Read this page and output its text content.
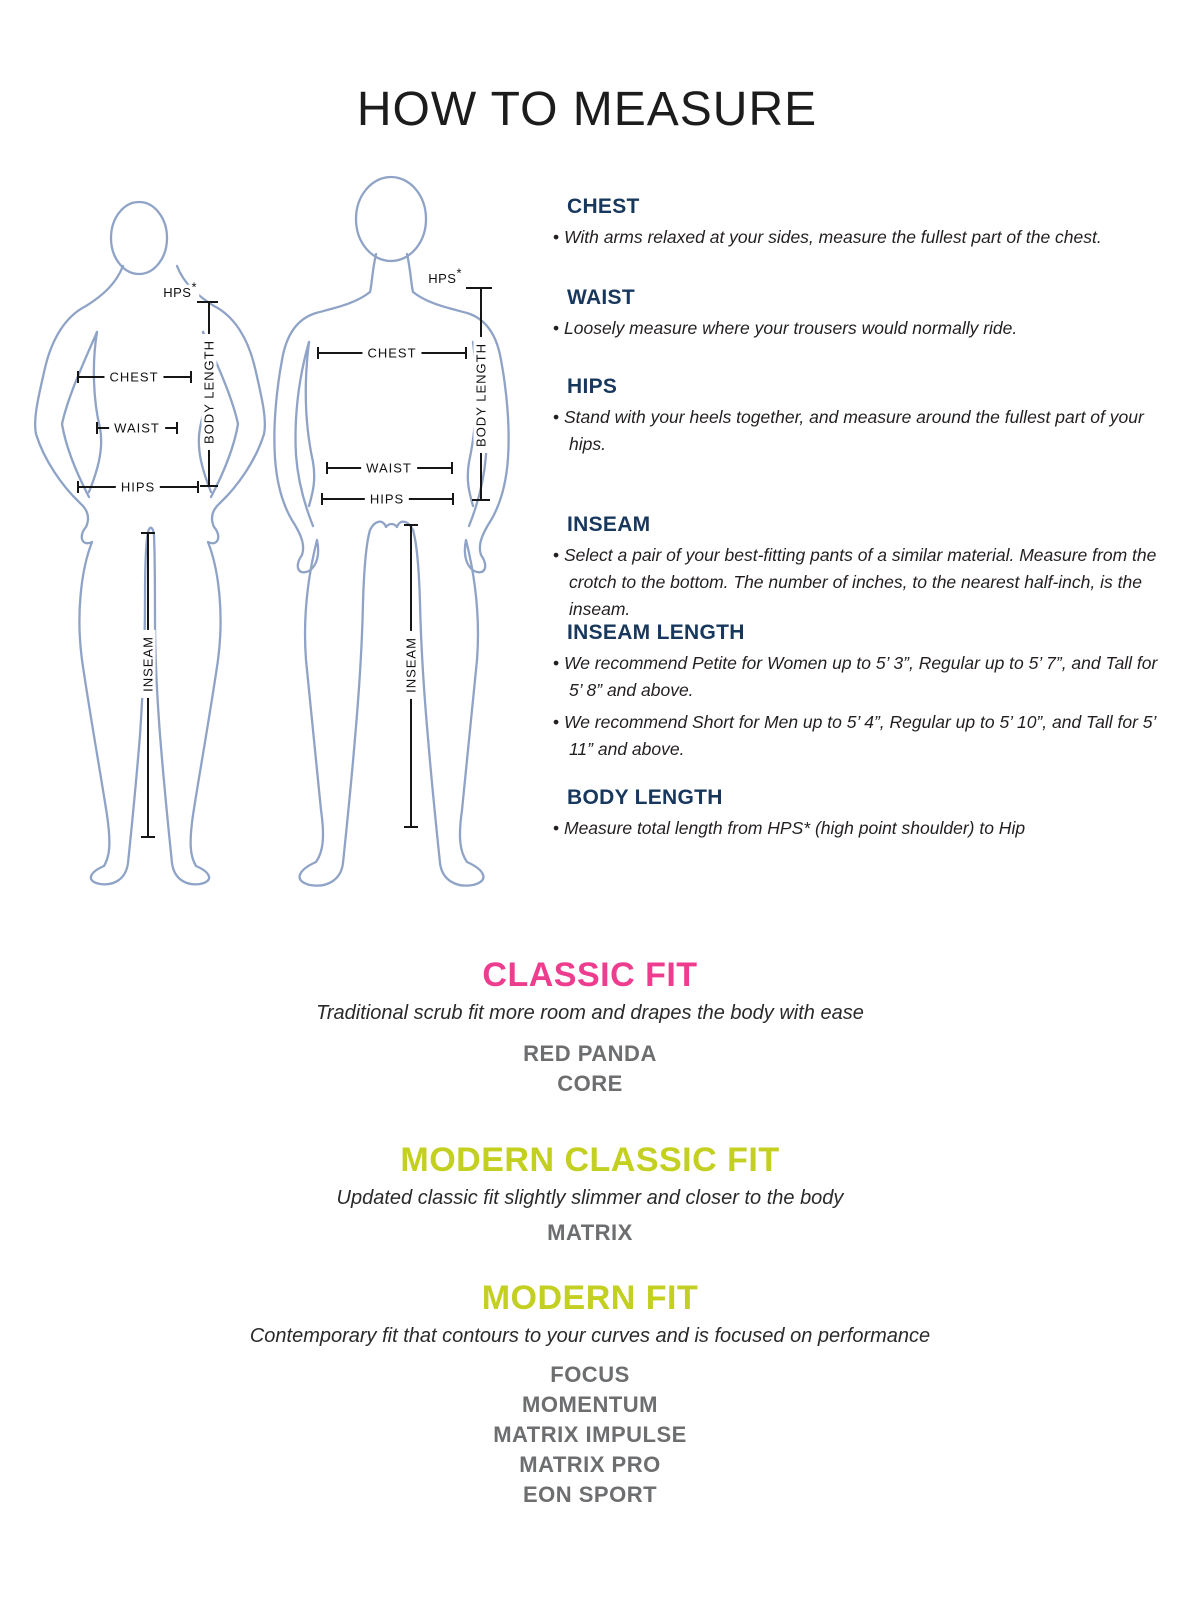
HOW TO MEASURE
HPS*
CHEST
WAIST
HIPS
BODY LENGTH
INSEAM
HPS*
CHEST
WAIST
HIPS
BODY LENGTH
INSEAM
CHEST

• With arms relaxed at your sides, measure the fullest part of the chest.

WAIST

• Loosely measure where your trousers would normally ride.

HIPS

• Stand with your heels together, and measure around the fullest part of your hips.

INSEAM

• Select a pair of your best-fitting pants of a similar material. Measure from the crotch to the bottom. The number of inches, to the nearest half-inch, is the inseam.

INSEAM LENGTH

• We recommend Petite for Women up to 5’ 3”, Regular up to 5’ 7”, and Tall for 5’ 8” and above.

• We recommend Short for Men up to 5’ 4”, Regular up to 5’ 10”, and Tall for 5’ 11” and above.

BODY LENGTH

• Measure total length from HPS* (high point shoulder) to Hip

CLASSIC FIT
Traditional scrub fit more room and drapes the body with ease
RED PANDA
CORE
MODERN CLASSIC FIT
Updated classic fit slightly slimmer and closer to the body
MATRIX
MODERN FIT
Contemporary fit that contours to your curves and is focused on performance
FOCUS
MOMENTUM
MATRIX IMPULSE
MATRIX PRO
EON SPORT
